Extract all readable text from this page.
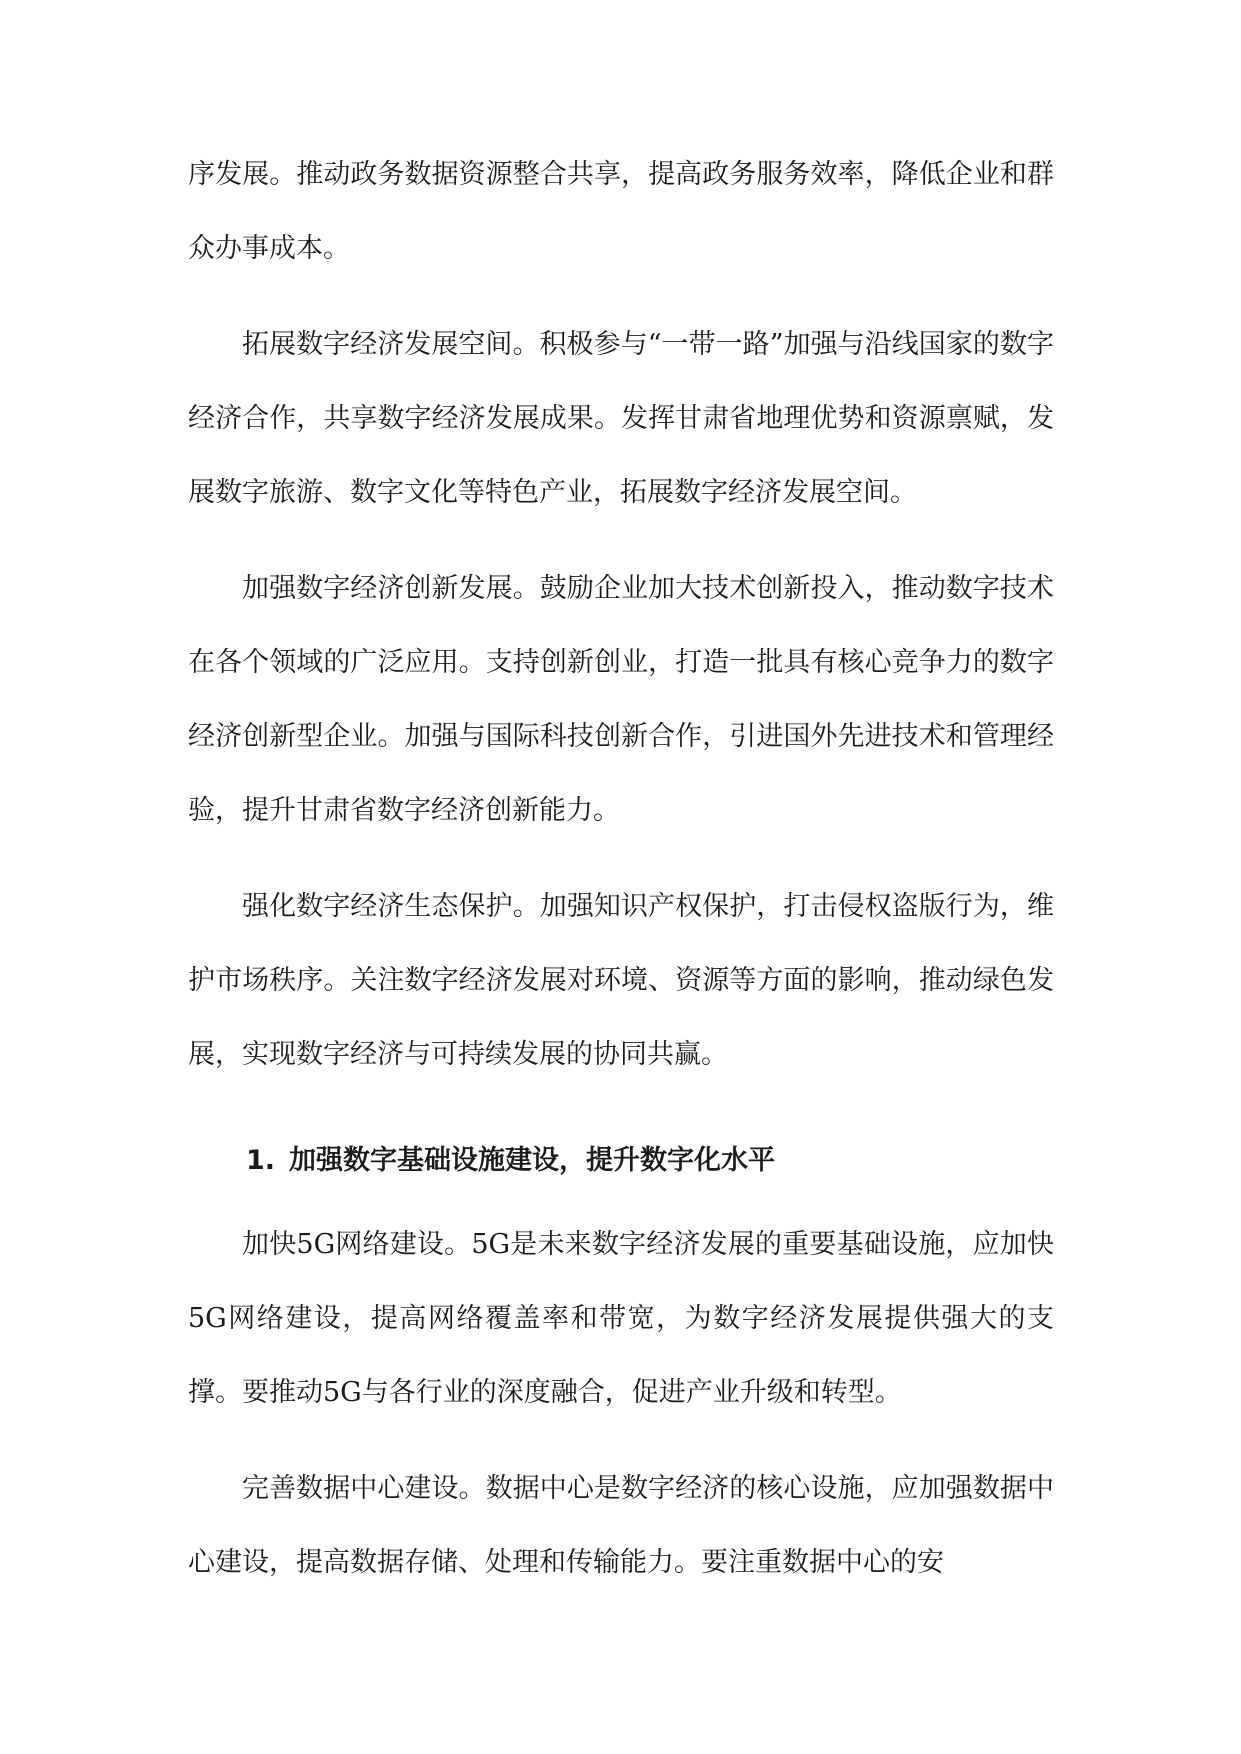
序发展。推动政务数据资源整合共享，提高政务服务效率，降低企业和群众办事成本。

拓展数字经济发展空间。积极参与“一带一路”加强与沿线国家的数字经济合作，共享数字经济发展成果。发挥甘肃省地理优势和资源禀赋，发展数字旅游、数字文化等特色产业，拓展数字经济发展空间。

加强数字经济创新发展。鼓励企业加大技术创新投入，推动数字技术在各个领域的广泛应用。支持创新创业，打造一批具有核心竞争力的数字经济创新型企业。加强与国际科技创新合作，引进国外先进技术和管理经验，提升甘肃省数字经济创新能力。

强化数字经济生态保护。加强知识产权保护，打击侵权盗版行为，维护市场秩序。关注数字经济发展对环境、资源等方面的影响，推动绿色发展，实现数字经济与可持续发展的协同共赢。

1. 加强数字基础设施建设，提升数字化水平

加快5G网络建设。5G是未来数字经济发展的重要基础设施，应加快5G网络建设，提高网络覆盖率和带宽，为数字经济发展提供强大的支撑。要推动5G与各行业的深度融合，促进产业升级和转型。

完善数据中心建设。数据中心是数字经济的核心设施，应加强数据中心建设，提高数据存储、处理和传输能力。要注重数据中心的安
